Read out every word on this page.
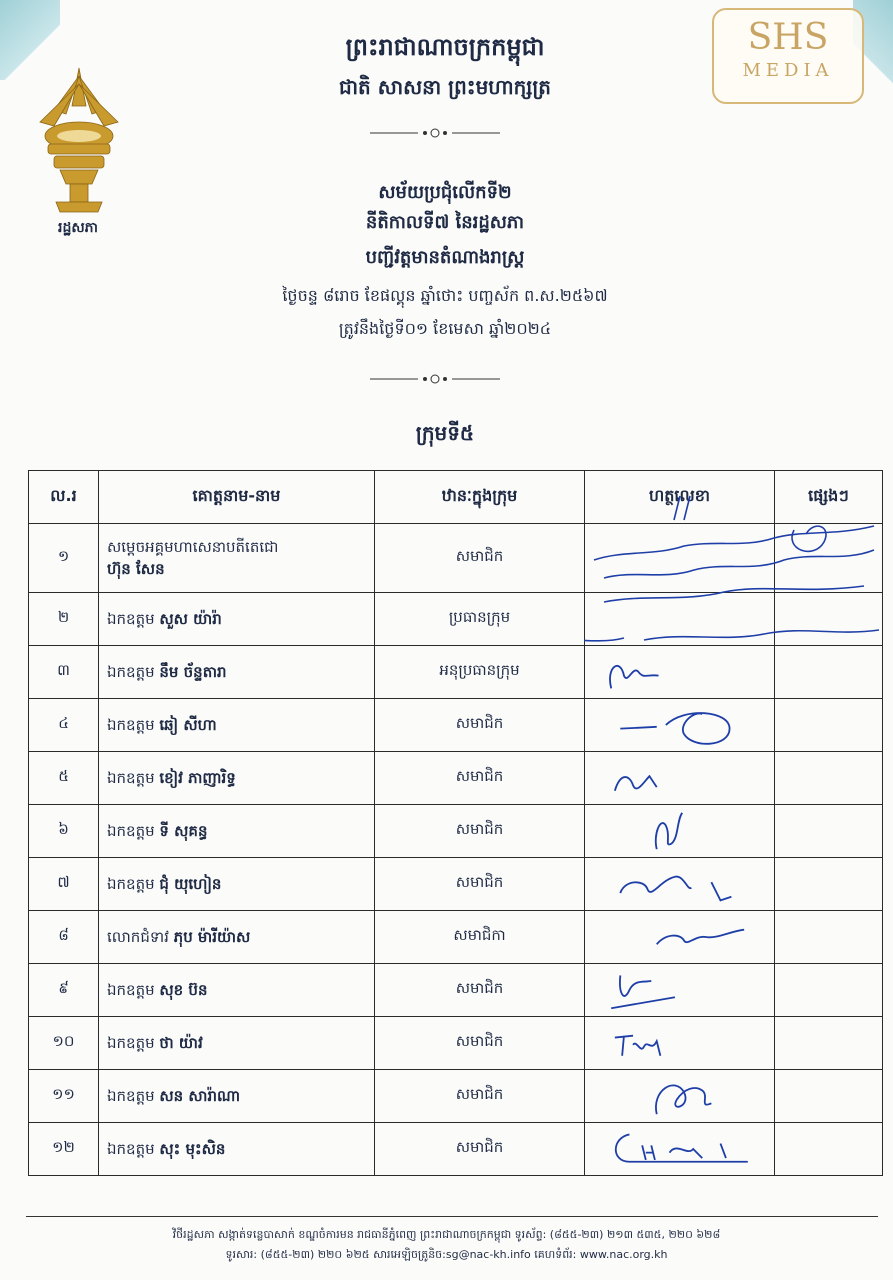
SHS
MEDIA
រដ្ឋសភា
ព្រះរាជាណាចក្រកម្ពុជា
ជាតិ សាសនា ព្រះមហាក្សត្រ
សម័យប្រជុំលើកទី២
នីតិកាលទី៧ នៃរដ្ឋសភា
បញ្ជីវត្តមានតំណាងរាស្ត្រ
ថ្ងៃចន្ទ ៨រោច ខែផល្គុន ឆ្នាំថោះ បញ្ចស័ក ព.ស.២៥៦៧
ត្រូវនឹងថ្ងៃទី០១ ខែមេសា ឆ្នាំ២០២៤
ក្រុមទី៥
ល.រ	គោត្តនាម-នាម	ឋានៈក្នុងក្រុម	ហត្ថលេខា	ផ្សេងៗ
១	សម្តេចអគ្គមហាសេនាបតីតេជោ
ហ៊ុន សែន	សមាជិក		
២	ឯកឧត្តម សួស យ៉ារ៉ា	ប្រធានក្រុម		
៣	ឯកឧត្តម នឹម ច័ន្ទតារា	អនុប្រធានក្រុម	

៤	ឯកឧត្តម ឆៀ សីហា	សមាជិក	

៥	ឯកឧត្តម ខៀវ ភាញារិទ្ធ	សមាជិក	

៦	ឯកឧត្តម ទី សុគន្ធ	សមាជិក	

៧	ឯកឧត្តម ជុំ យុហៀន	សមាជិក	

៨	លោកជំទាវ ភុប ម៉ារីយ៉ាស	សមាជិកា	

៩	ឯកឧត្តម សុខ ប៊ន	សមាជិក	

១០	ឯកឧត្តម ថា យ៉ាវ	សមាជិក	

១១	ឯកឧត្តម សន សារ៉ាណា	សមាជិក	

១២	ឯកឧត្តម សុះ មុះសិន	សមាជិក	

វិថីរដ្ឋសភា សង្កាត់ទន្លេបាសាក់ ខណ្ឌចំការមន រាជធានីភ្នំពេញ ព្រះរាជាណាចក្រកម្ពុជា ទូរស័ព្ទ: (៨៥៥-២៣) ២១៣ ៥៣៥, ២២០ ៦២៨
ទូរសារ: (៨៥៥-២៣) ២២០ ៦២៥ សារអេឡិចត្រូនិច:sg@nac-kh.info គេហទំព័រ: www.nac.org.kh
